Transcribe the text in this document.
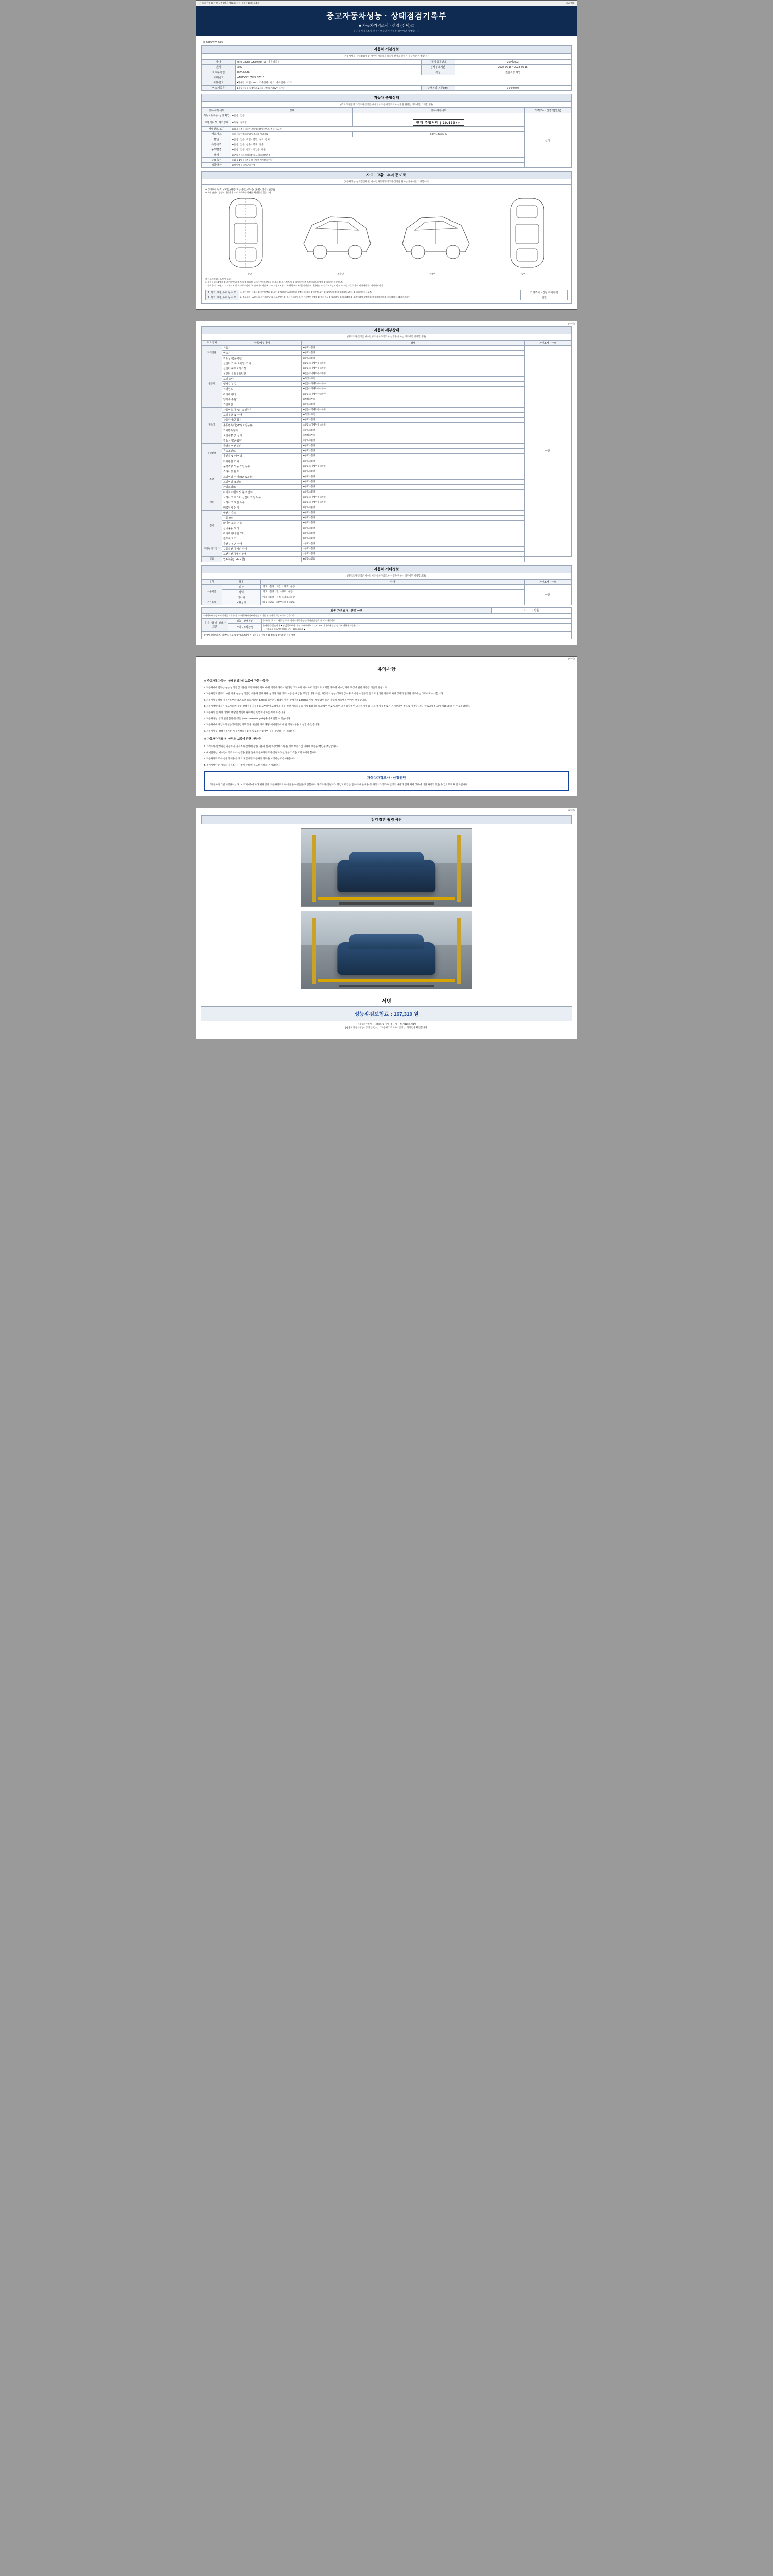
자동차관리법 시행규칙 [별지 제82호서식] <개정 2021.1.5.>	(1/4쪽)
중고자동차성능 · 상태점검기록부
■ 자동차가격조사 · 산정 (선택) □
※ 자동차가격조사·산정은 매수인이 원하는 경우에만 기재합니다.
제 2025020196호
자동차 기본정보
(자동차성능·상태점검자 및 매수인 자동차가격조사·산정을 원하는 경우에만 기재합니다)
차명	MINI Coupe Cruiftonet (0) (사륜일륜 )	자동차등록번호	36I세1093
연식	2020	검사유효기간	2020-06-16 ~ 2028-06-15
최초등록일	2020-06-16	색상	진한색상 계열
차대번호	WMWXV3105L3L37510		
사용연료	■가솔린 □디젤 □LPG □가솔린외 □전기 □수소전기 □기타		
변속기종류	■자동 □수동 □세미오토 □무단변속기(CVT) □기타	주행거리 기준(km)	0 0 0 0 0 0
자동차 종합상태
(주요 구성품의 가격조사·산정은 매수인이 자동차가격조사·산정을 원하는 경우에만 기재합니다)
항목/세부내역	상태	항목/세부내역	가격조사 · 산정액(만원)
자동차등록증 상태 확인	■없음 □있음		산정
주행거리 및 계기상태	■적정 □부적정	현재 주행거리 | 30,539km	
차대번호 표기	■양호 □부식 □훼손(오손) □상이 □변조(변타) □도말		
배출가스	□일산화탄소 □탄화수소 □공기과잉률	0.07%, 5ppm, %	
튜닝	■없음 □있음 □적법 □불법 □구조 □장치		
특별이력	■없음 □있음 □침수 □화재 □전손		
용도변경	■없음 □있음 □렌트 □영업용 □관용		
색상	■무채색 □유채색 □전체도색 □색상변경		
주요옵션	□없음 ■있음 □썬루프 □내비게이션 □기타		
리콜대상	■해당없음 □해당 □이행		
사고 · 교환 · 수리 등 이력
(자동차성능·상태점검자 및 매수인 자동차가격조사·산정을 원하는 경우에만 기재합니다)
※ 상태표시 부호 : (교환), (판금 또는 용접), (부식), (균열), (손상), (흠집)
※ 하단 단면도 숨풀의 기준이며, 기타 우측하는 상태를 확인할 수 있습니다.
앞면	좌측면	우측면	뒷면
※ 사고이력 (유리/판넬 포함)
1. 외판부위 : 1랭크 ① 프론트펜더 ② 도어 ③ 쿼터패널(리어펜더) 2랭크 ④ 후드 ⑤ 프론트도어 ⑥ 리어도어 ⑦ 트렁크리드 3랭크 ⑧ 라디에이터서포트
2. 주요골격 : A랭크 ① 프론트패널 ② 크로스멤버 ③ 인사이드패널 ④ 사이드멤버 B랭크 ⑤ 휠하우스 ⑥ 필러패널 ⑦ 대쉬패널 ⑧ 플로어패널 C랭크 ⑨ 트렁크플로어 ⑩ 리어패널 ⑪ 패키지트레이
2. 사고·교환·수리 등 이력	1. 외판부위 : 1랭크 ① 프론트펜더 ② 도어 ③ 쿼터패널(리어펜더) 2랭크 ④ 후드 ⑤ 프론트도어 ⑥ 리어도어 ⑦ 트렁크리드 3랭크 ⑧ 라디에이터서포트	가격조사 · 산정 특이사항
2. 사고·교환·수리 등 이력	2. 주요골격 : A랭크 ① 프론트패널 ② 크로스멤버 ③ 인사이드패널 ④ 사이드멤버 B랭크 ⑤ 휠하우스 ⑥ 필러패널 ⑦ 대쉬패널 ⑧ 플로어패널 C랭크 ⑨ 트렁크플로어 ⑩ 리어패널 ⑪ 패키지트레이	만원
(2/4쪽)
자동차 세부상태
(가격조사·산정은 매수인이 자동차가격조사·산정을 원하는 경우에만 기재합니다)
주 요 장치	항목/세부내역	상태	가격조사 · 산정
자기진단	원동기	■양호 □불량	만원
	변속기	■양호 □불량	
	작동상태(공회전)	■양호 □불량	
원동기	실린더 커버(로커암) 커버	■없음 □미세누유 □누유	
	실린더 헤드 / 개스킷	■없음 □미세누유 □누유	
	실린더 블록 / 오일팬	■없음 □미세누유 □누유	
	오일 유량	■적정 □부족	
	냉각수 누수	■없음 □미세누수 □누수	
	워터펌프	■없음 □미세누수 □누수	
	라디에이터	■없음 □미세누수 □누수	
	냉각수 수량	■적정 □부족	
	커먼레일	■양호 □불량	
변속기	자동변속기(A/T) 오일누유	■없음 □미세누유 □누유	
	오일유량 및 상태	■적정 □부족	
	작동상태(공회전)	■양호 □불량	
	수동변속기(M/T) 오일누유	□없음 □미세누유 □누유	
	기어변속장치	□양호 □불량	
	오일유량 및 상태	□적정 □부족	
	작동상태(공회전)	□양호 □불량	
동력전달	클러치 어셈블리	■양호 □불량	
	등속조인트	■양호 □불량	
	추진축 및 베어링	■양호 □불량	
	디퍼렌셜 기어	■양호 □불량	
조향	동력조향 작동 오일 누유	■없음 □미세누유 □누유	
	스티어링 펌프	■양호 □불량	
	스티어링 기어(MDPS포함)	■양호 □불량	
	스티어링 조인트	■양호 □불량	
	파워크랭크	■양호 □불량	
	타이로드엔드 및 볼 조인트	■양호 □불량	
제동	브레이크 마스터 실린더 오일 누유	■없음 □미세누유 □누유	
	브레이크 오일 누유	■없음 □미세누유 □누유	
	배력장치 상태	■양호 □불량	
전기	발전기 출력	■양호 □불량	
	시동 모터	■양호 □불량	
	와이퍼 모터 기능	■양호 □불량	
	실내송풍 모터	■양호 □불량	
	라디에이터 팬 모터	■양호 □불량	
	윈도우 모터	■양호 □불량	
고전원 전기장치	충전구 절연 상태	□양호 □불량	
	구동축전지 격리 상태	□양호 □불량	
	고전원전기배선 상태	□양호 □불량	
연료	연료누출(LPG포함)	■없음 □있음	
자동차 기타정보
(가격조사·산정은 매수인이 자동차가격조사·산정을 원하는 경우에만 기재합니다)
항목	항목	상태	가격조사 · 산정
사용기준	외장	□양호 □불량 내장 □양호 □불량	만원
	광택	□양호 □불량 휠 □양호 □불량	
	타이어	□양호 □불량 유리 □양호 □불량	
기본품목	보유상태	□없음 □있음 □전부 □일부 □없음	
최종 가격조사 · 산정 금액	0 0 0 0 0 만원
□ 가격조사·산정자의 의견을 기재합니다 □ 자동차가격조사·산정의 기준 및 산출근거는 아래와 같습니다
특기사항 및 점검자의견	성능 · 상태점검	주)케이디오피스 제공 정보 및 매매가 자동차성능·상태점검 정보 및 기타 제공정보
	가격 · 조사산정	한 단품수 있습니다. ■ 점검일로부터 1개월 이내/주행거리 2,000km 이내 이내 성능·상태에 대하여 보증합니다.
ㆍ 신고보험협회(성능점검) 상담 : 1533-0759 ▲
(주)케이디오피스, 피앤씨, 정보 및 (주)영양검사 자동차성능·상태점검 정보 및 (주)영양경검 정보
(3/4쪽)
유의사항
※ 중고자동차성능 · 상태점검자의 보증에 관한 사항 등

1. 자동차매매업자는 성능·상태점검 내용을 고지하여야 하며 매매 계약에 따라서 발생된 고지하지 아니하고 거짓으로 고지할 경우에 매수인 피해 보상에 관한 사항은 다음과 같습니다.

2. 자동차인도일부터 30일 이내 성능·상태점검 내용과 실제 차량 상태가 다른 경우 보증 등 책임을 부담합니다. 다만, 자동차의 성능·상태점검 이후 소유권 이전등록 등으로 발생한 사유로 차량 상태가 변경된 경우에는 그러하지 아니합니다.

3. 자동차성능상태 점검기록부는 3년 보관 보증기간은 1,000회 동안(단, 점검일 이후 주행거리 2,000km 이내) 보증범위 등은 자동차 보증범위 안에서 보증합니다.

4. 자동차매매업자는 중고자동차 성능·상태점검기록부를 교부하여 고객에게 제공 한편 자동차성능·상태점검자의 보증범위 위로 있으며 고객 불합리한 고지하여야 됩니다. 통 상품별로는 기재한다면 별도로 기재합니다. (국토교통부 고시 제2019호) 기간 보증합니다.

5. 자동차의 손해에 대하여 배상할 책임에 관하여는 민법이 정하는 바에 따릅니다.

6. 자동차성능 상태 관련 불만·분쟁은 (www.consumer.go.kr)에서 확인할 수 있습니다.

7. 자동차매매사업자의 성능상태점검 의무 등을 위반한 경우 해당 매매업자에 대한 행정처분을 요청할 수 있습니다.

8. 자동차성능·상태점검자는 자동차성능점검 책임보험 가입여부 등을 확인하시기 바랍니다.

※ 자동차가격조사 · 산정의 보증에 관한 사항 등

1. 가격조사·산정자는 자동차의 가격조사·산정에 관한 내용과 실제 차량상태가 다른 경우 보증기간 이내에 보증을 책임을 부담합니다.

2. 매매업자는 매수인이 가격조사·산정을 원한 경우 자동차가격조사·산정자가 산정한 가격을 고지하여야 합니다.

3. 자동차가격조사·산정의 내용은 계약 체결시의 자동차의 가격을 보장하는 것은 아닙니다.

4. 특기사항란은 자동차 가격조사·산정에 관하여 필요한 사항을 기재합니다.

자동차가격조사 · 산정선언
「자동차관리법 시행규칙」제120조제1항에 따라 위와 같이 자동차가격조사·산정을 하였음을 확인합니다. 가격조사·산정자가 책임지지 않는 범위에 대한 내용 등 자동차가격조사·산정의 내용과 실제 차량 상태에 대한 차이가 있을 수 있으므로 확인 바랍니다.
(4/4쪽)
점검 장면 촬영 사진
서명
성능점검보험료 : 167,310 원
「자동차관리법」 제58조 및 같은 법 시행규칙 제120조제1항
[1] 중고자동차성능 · 상태를 검사, 「 자동차가격조사 · 산정 」 의뢰검을 확인합니다.
